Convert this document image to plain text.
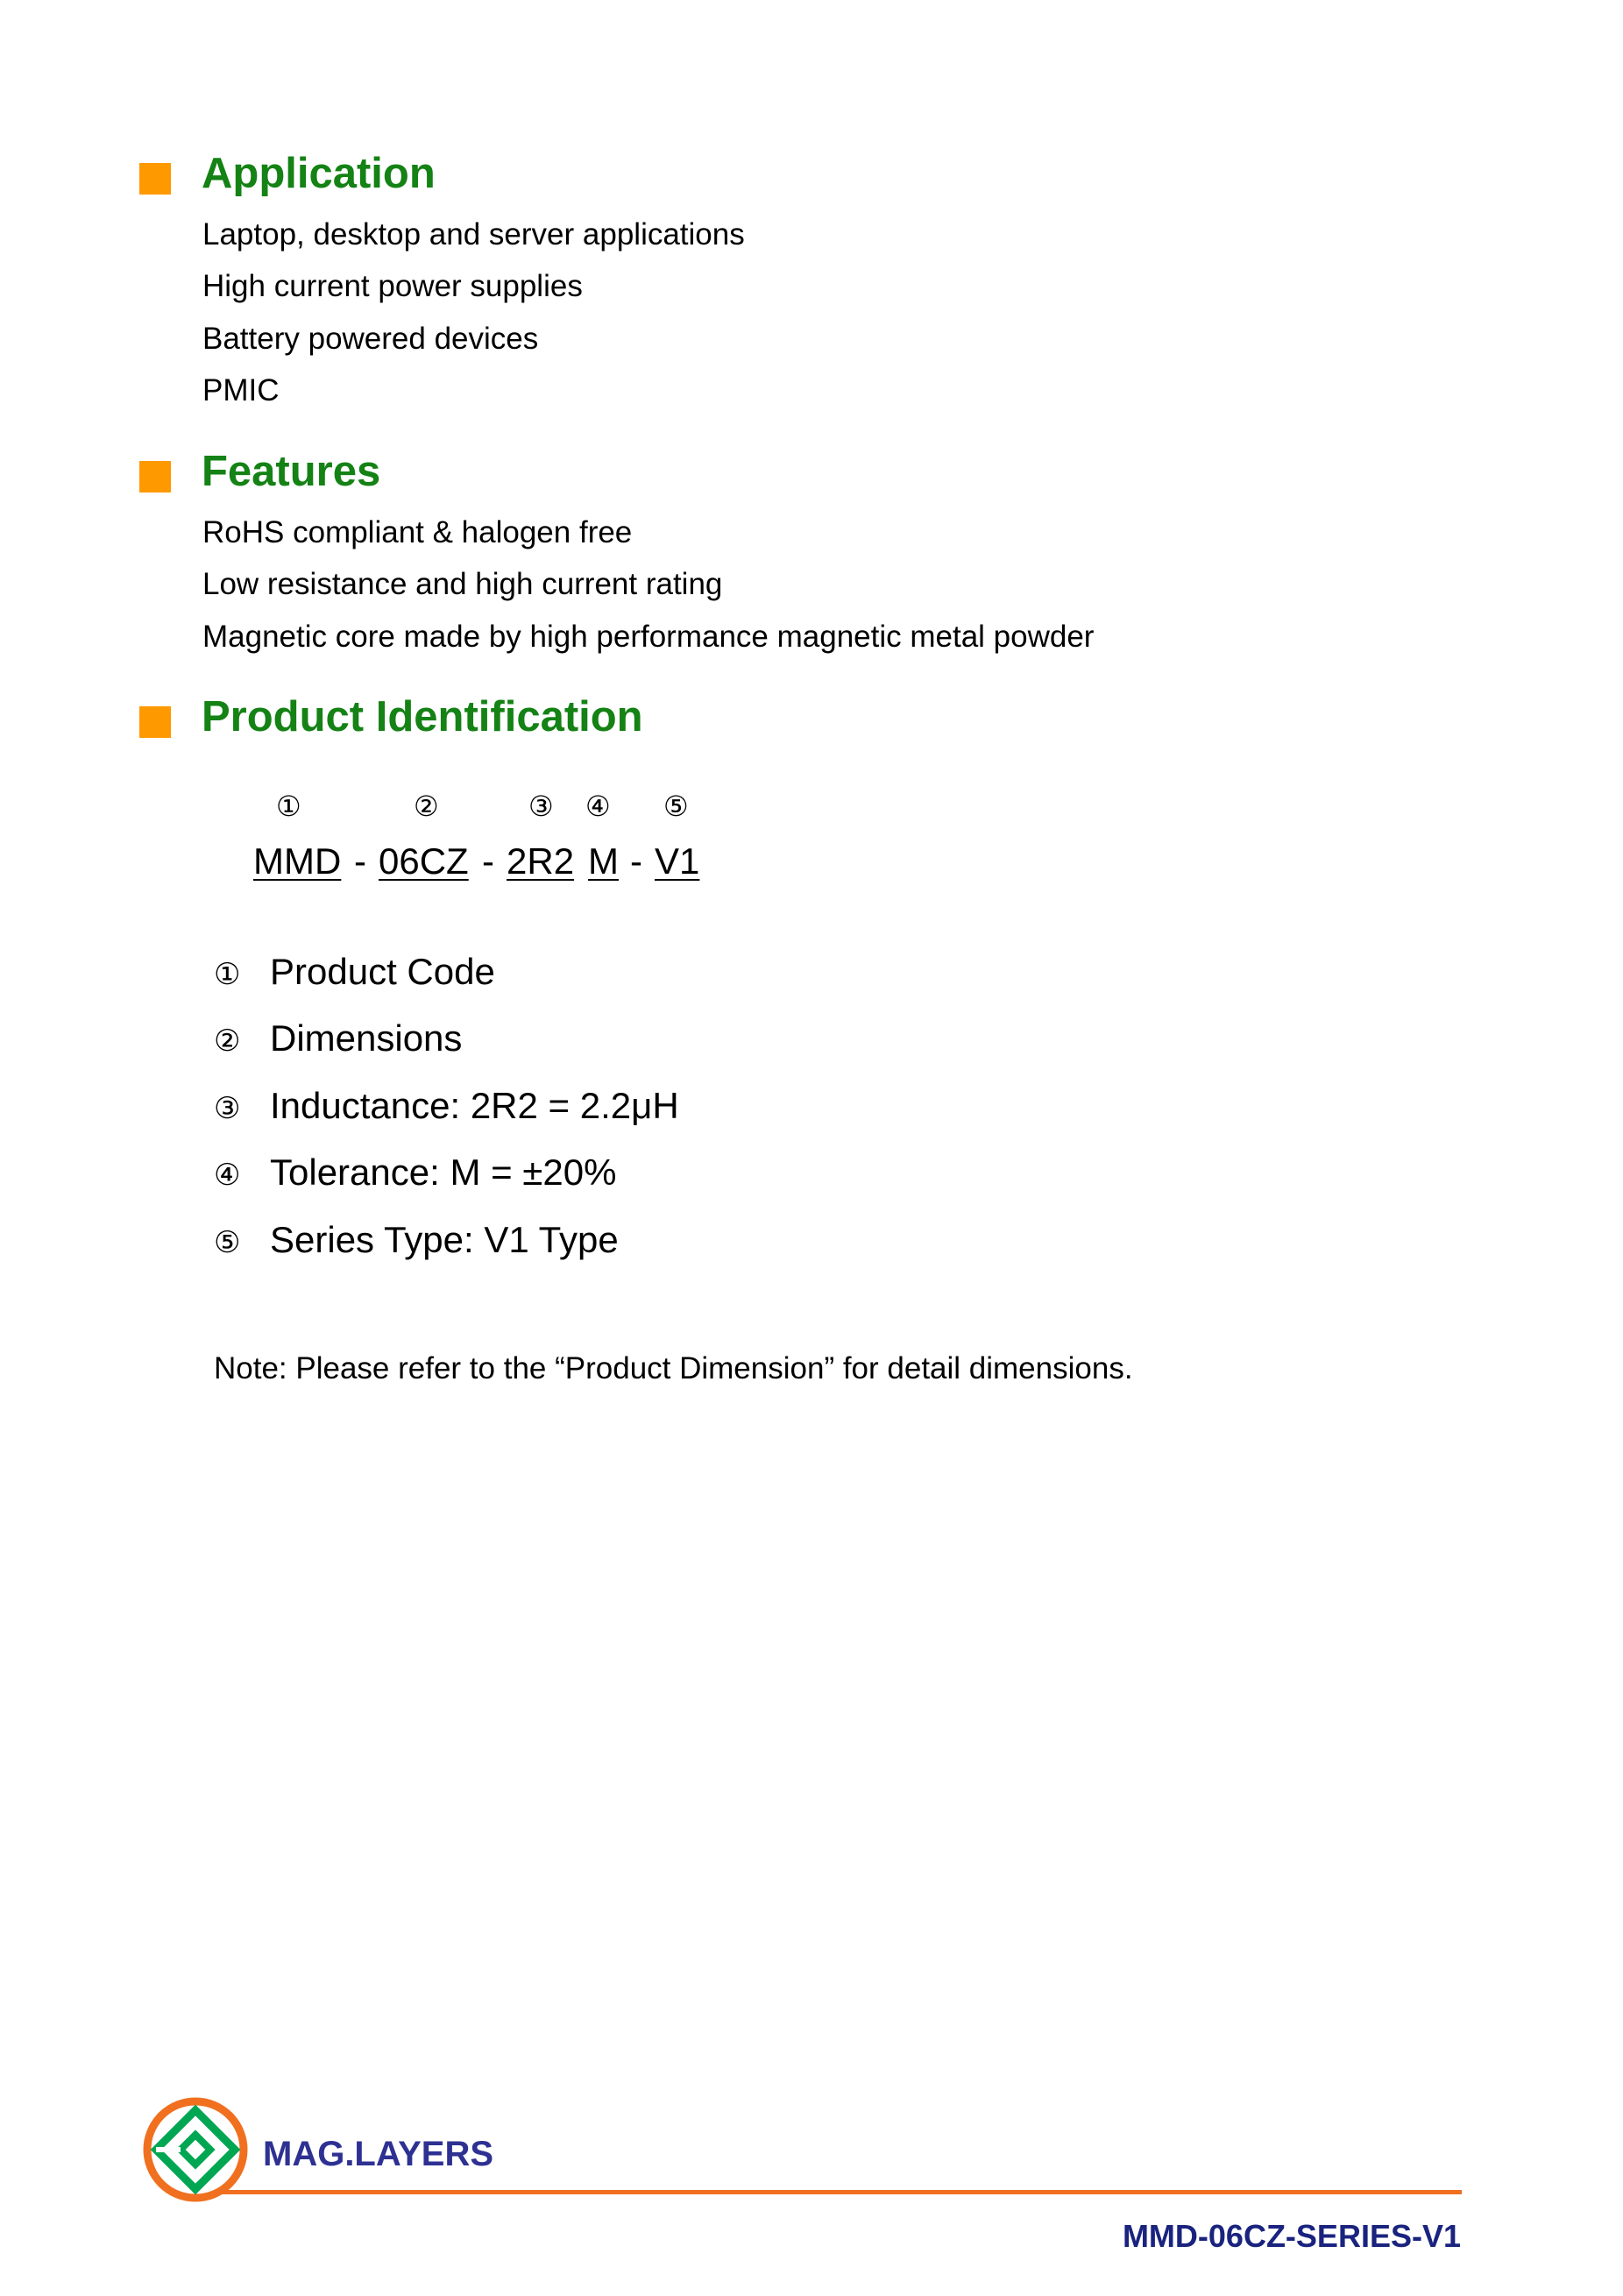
Application
Laptop, desktop and server applications
High current power supplies
Battery powered devices
PMIC
Features
RoHS compliant & halogen free
Low resistance and high current rating
Magnetic core made by high performance magnetic metal powder
Product Identification
①	②	③ ④ ⑤
MMD - 06CZ - 2R2 M - V1
① Product Code
② Dimensions
③ Inductance: 2R2 = 2.2μH
④ Tolerance: M = ±20%
⑤ Series Type: V1 Type
Note: Please refer to the “Product Dimension” for detail dimensions.
MAG.LAYERS
MMD-06CZ-SERIES-V1
